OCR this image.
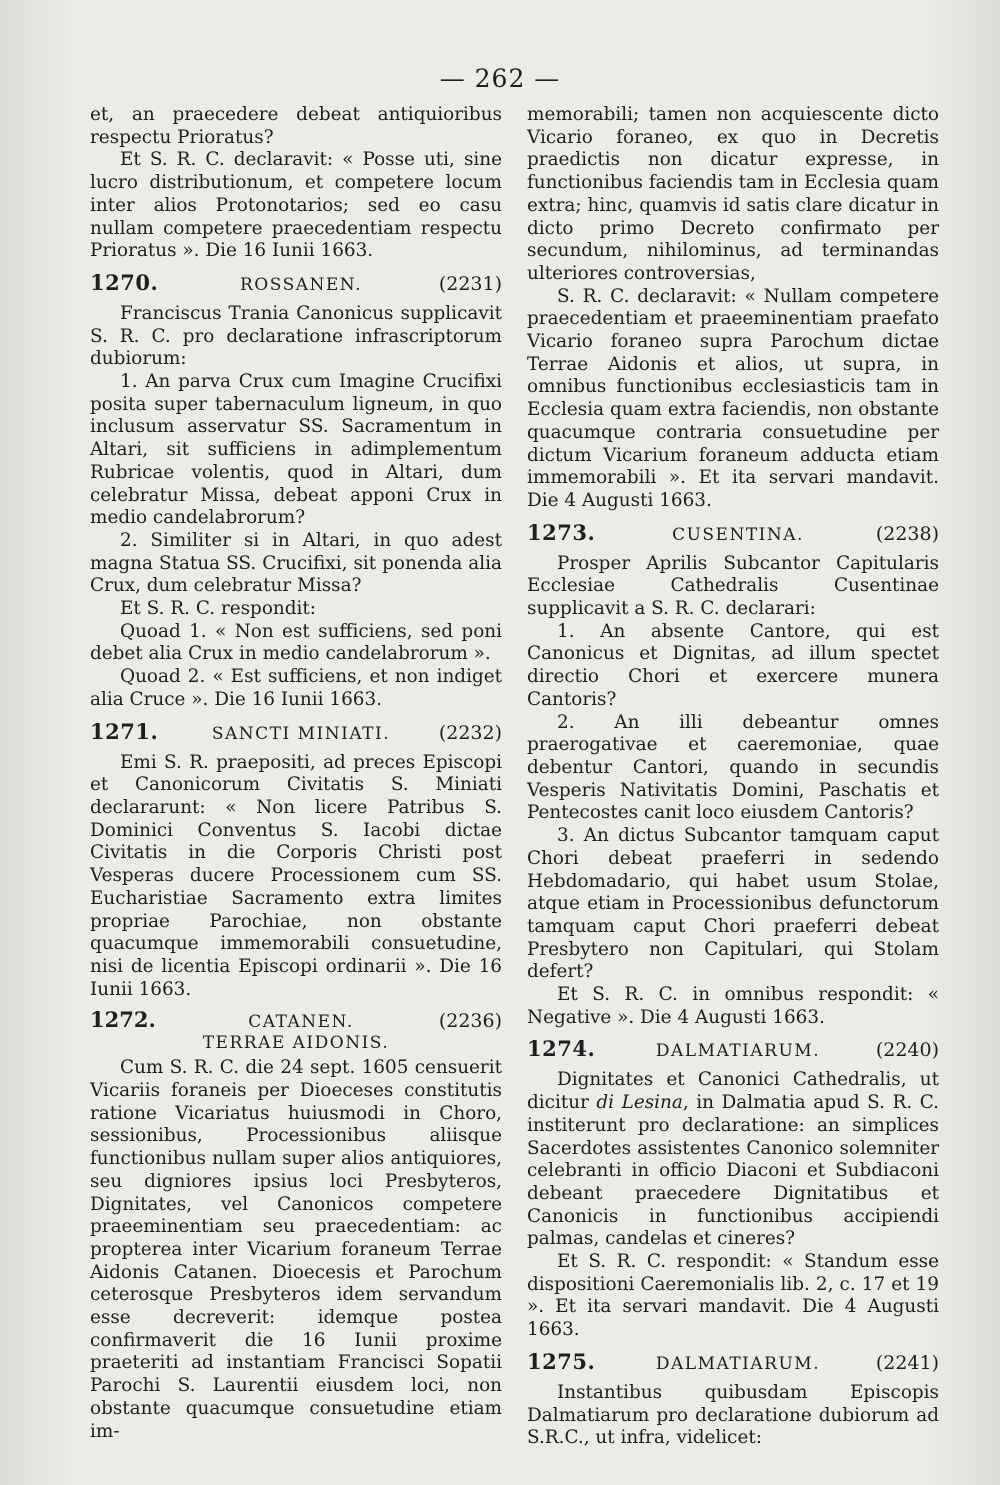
— 262 —

et, an praecedere debeat antiquioribus respectu Prioratus?

Et S. R. C. declaravit: « Posse uti, sine lucro distributionum, et competere locum inter alios Protonotarios; sed eo casu nullam competere praecedentiam respectu Prioratus ». Die 16 Iunii 1663.

1270.	ROSSANEN.	(2231)

Franciscus Trania Canonicus supplicavit S. R. C. pro declaratione infrascriptorum dubiorum:

1. An parva Crux cum Imagine Crucifixi posita super tabernaculum ligneum, in quo inclusum asservatur SS. Sacramentum in Altari, sit sufficiens in adimplementum Rubricae volentis, quod in Altari, dum celebratur Missa, debeat apponi Crux in medio candelabrorum?

2. Similiter si in Altari, in quo adest magna Statua SS. Crucifixi, sit ponenda alia Crux, dum celebratur Missa?

Et S. R. C. respondit:

Quoad 1. « Non est sufficiens, sed poni debet alia Crux in medio candelabrorum ».

Quoad 2. « Est sufficiens, et non indiget alia Cruce ». Die 16 Iunii 1663.

1271.	SANCTI MINIATI.	(2232)

Emi S. R. praepositi, ad preces Episcopi et Canonicorum Civitatis S. Miniati declararunt: « Non licere Patribus S. Dominici Conventus S. Iacobi dictae Civitatis in die Corporis Christi post Vesperas ducere Processionem cum SS. Eucharistiae Sacramento extra limites propriae Parochiae, non obstante quacumque immemorabili consuetudine, nisi de licentia Episcopi ordinarii ». Die 16 Iunii 1663.

1272.	CATANEN.	(2236)
TERRAE AIDONIS.

Cum S. R. C. die 24 sept. 1605 censuerit Vicariis foraneis per Dioeceses constitutis ratione Vicariatus huiusmodi in Choro, sessionibus, Processionibus aliisque functionibus nullam super alios antiquiores, seu digniores ipsius loci Presbyteros, Dignitates, vel Canonicos competere praeeminentiam seu praecedentiam: ac propterea inter Vicarium foraneum Terrae Aidonis Catanen. Dioecesis et Parochum ceterosque Presbyteros idem servandum esse decreverit: idemque postea confirmaverit die 16 Iunii proxime praeteriti ad instantiam Francisci Sopatii Parochi S. Laurentii eiusdem loci, non obstante quacumque consuetudine etiam im-

memorabili; tamen non acquiescente dicto Vicario foraneo, ex quo in Decretis praedictis non dicatur expresse, in functionibus faciendis tam in Ecclesia quam extra; hinc, quamvis id satis clare dicatur in dicto primo Decreto confirmato per secundum, nihilominus, ad terminandas ulteriores controversias,

S. R. C. declaravit: « Nullam competere praecedentiam et praeeminentiam praefato Vicario foraneo supra Parochum dictae Terrae Aidonis et alios, ut supra, in omnibus functionibus ecclesiasticis tam in Ecclesia quam extra faciendis, non obstante quacumque contraria consuetudine per dictum Vicarium foraneum adducta etiam immemorabili ». Et ita servari mandavit. Die 4 Augusti 1663.

1273.	CUSENTINA.	(2238)

Prosper Aprilis Subcantor Capitularis Ecclesiae Cathedralis Cusentinae supplicavit a S. R. C. declarari:

1. An absente Cantore, qui est Canonicus et Dignitas, ad illum spectet directio Chori et exercere munera Cantoris?

2. An illi debeantur omnes praerogativae et caeremoniae, quae debentur Cantori, quando in secundis Vesperis Nativitatis Domini, Paschatis et Pentecostes canit loco eiusdem Cantoris?

3. An dictus Subcantor tamquam caput Chori debeat praeferri in sedendo Hebdomadario, qui habet usum Stolae, atque etiam in Processionibus defunctorum tamquam caput Chori praeferri debeat Presbytero non Capitulari, qui Stolam defert?

Et S. R. C. in omnibus respondit: « Negative ». Die 4 Augusti 1663.

1274.	DALMATIARUM.	(2240)

Dignitates et Canonici Cathedralis, ut dicitur di Lesina, in Dalmatia apud S. R. C. institerunt pro declaratione: an simplices Sacerdotes assistentes Canonico solemniter celebranti in officio Diaconi et Subdiaconi debeant praecedere Dignitatibus et Canonicis in functionibus accipiendi palmas, candelas et cineres?

Et S. R. C. respondit: « Standum esse dispositioni Caeremonialis lib. 2, c. 17 et 19 ». Et ita servari mandavit. Die 4 Augusti 1663.

1275.	DALMATIARUM.	(2241)

Instantibus quibusdam Episcopis Dalmatiarum pro declaratione dubiorum ad S.R.C., ut infra, videlicet:
